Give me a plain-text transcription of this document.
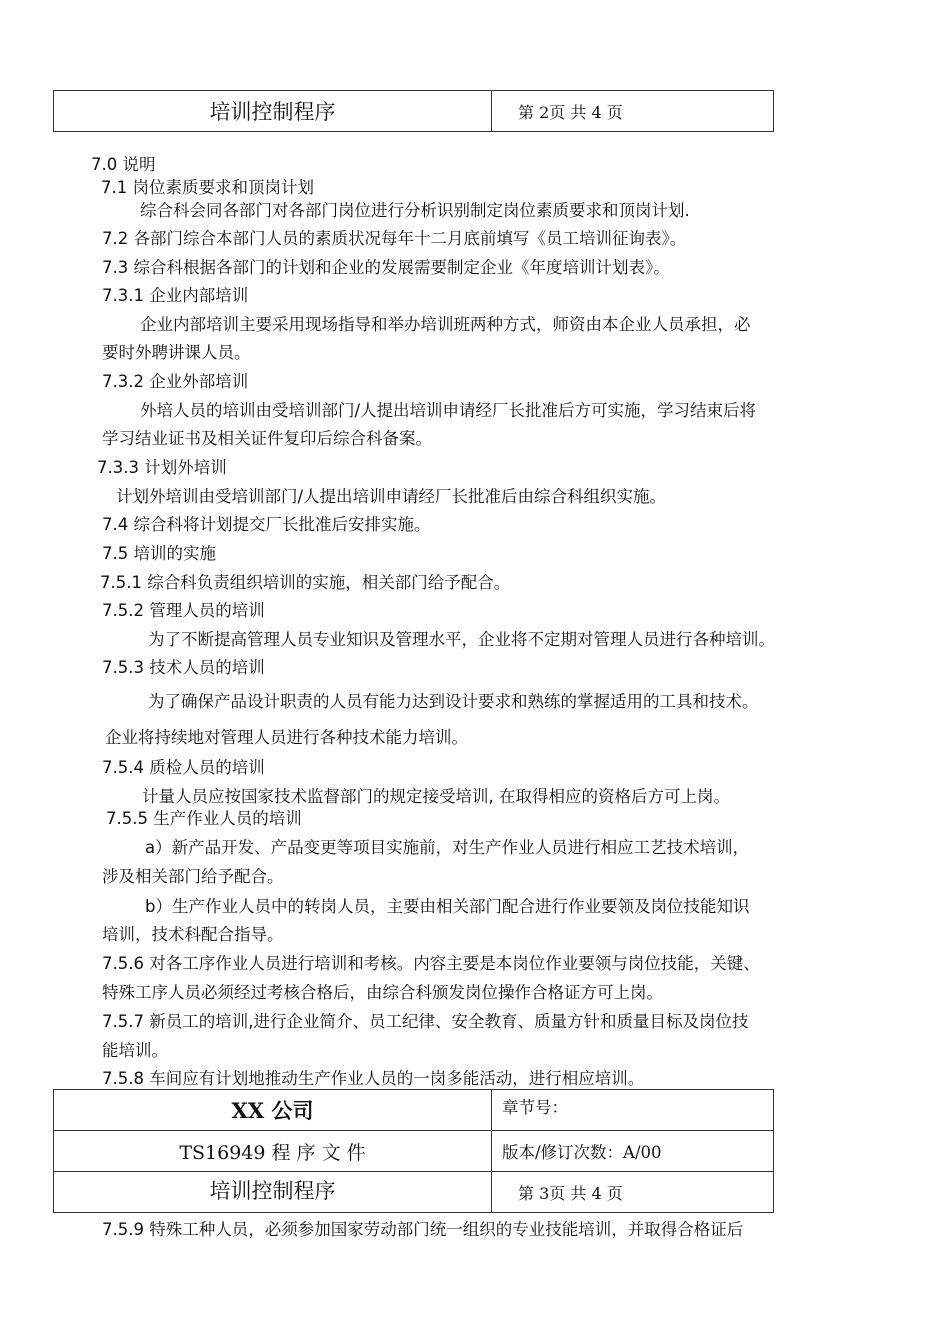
培训控制程序	第 2页 共 4 页
7.0 说明
7.1 岗位素质要求和顶岗计划
综合科会同各部门对各部门岗位进行分析识别制定岗位素质要求和顶岗计划.
7.2 各部门综合本部门人员的素质状况每年十二月底前填写《员工培训征询表》。
7.3 综合科根据各部门的计划和企业的发展需要制定企业《年度培训计划表》。
7.3.1 企业内部培训
企业内部培训主要采用现场指导和举办培训班两种方式，师资由本企业人员承担，必
要时外聘讲课人员。
7.3.2 企业外部培训
外培人员的培训由受培训部门/人提出培训申请经厂长批准后方可实施，学习结束后将
学习结业证书及相关证件复印后综合科备案。
7.3.3 计划外培训
计划外培训由受培训部门/人提出培训申请经厂长批准后由综合科组织实施。
7.4 综合科将计划提交厂长批准后安排实施。
7.5 培训的实施
7.5.1 综合科负责组织培训的实施，相关部门给予配合。
7.5.2 管理人员的培训
为了不断提高管理人员专业知识及管理水平，企业将不定期对管理人员进行各种培训。
7.5.3 技术人员的培训
为了确保产品设计职责的人员有能力达到设计要求和熟练的掌握适用的工具和技术。
企业将持续地对管理人员进行各种技术能力培训。
7.5.4 质检人员的培训
计量人员应按国家技术监督部门的规定接受培训, 在取得相应的资格后方可上岗。
7.5.5 生产作业人员的培训
a）新产品开发、产品变更等项目实施前，对生产作业人员进行相应工艺技术培训，
涉及相关部门给予配合。
b）生产作业人员中的转岗人员，主要由相关部门配合进行作业要领及岗位技能知识
培训，技术科配合指导。
7.5.6 对各工序作业人员进行培训和考核。内容主要是本岗位作业要领与岗位技能，关键、
特殊工序人员必须经过考核合格后，由综合科颁发岗位操作合格证方可上岗。
7.5.7 新员工的培训,进行企业简介、员工纪律、安全教育、质量方针和质量目标及岗位技
能培训。
7.5.8 车间应有计划地推动生产作业人员的一岗多能活动，进行相应培训。
XX 公司	章节号：
TS16949 程 序 文 件	版本/修订次数：A/00
培训控制程序	第 3页 共 4 页
7.5.9 特殊工种人员，必须参加国家劳动部门统一组织的专业技能培训，并取得合格证后
